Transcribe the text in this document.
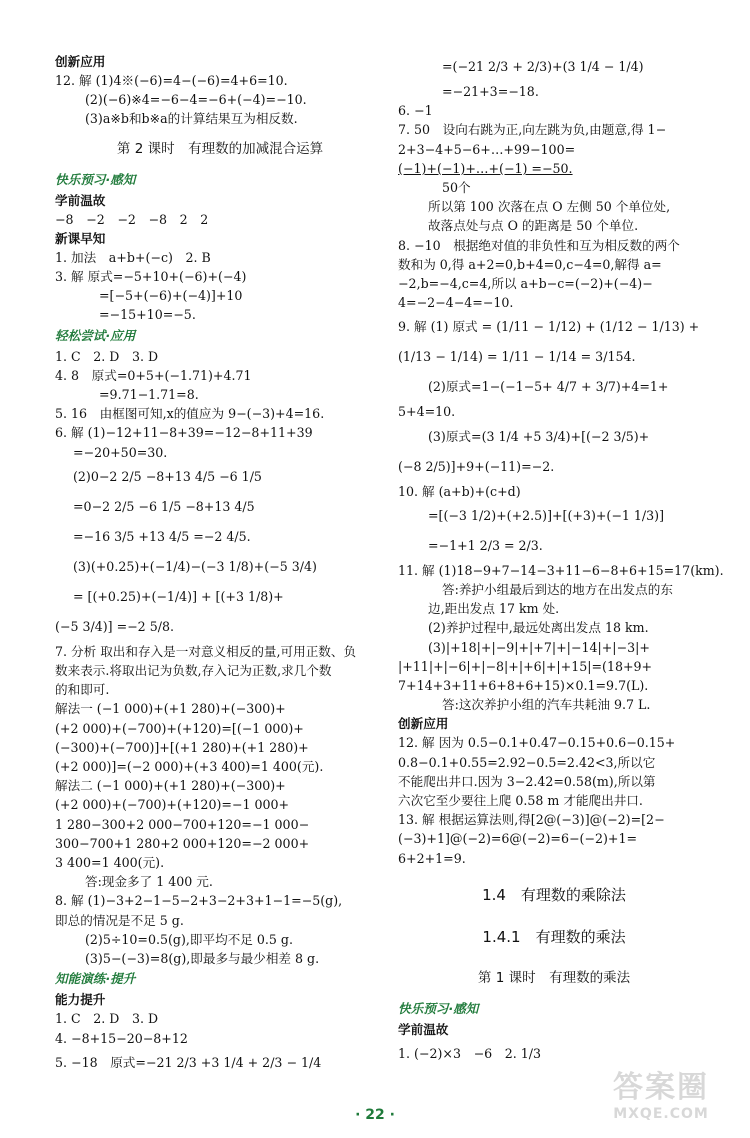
创新应用
12. 解 (1)4※(−6)=4−(−6)=4+6=10.
(2)(−6)※4=−6−4=−6+(−4)=−10.
(3)a※b和b※a的计算结果互为相反数.
第 2 课时　有理数的加减混合运算
快乐预习·感知
学前温故
−8　−2　−2　−8　2　2
新课早知
1. 加法　a+b+(−c)　2. B
3. 解 原式=−5+10+(−6)+(−4)
=[−5+(−6)+(−4)]+10
=−15+10=−5.
轻松尝试·应用
1. C　2. D　3. D
4. 8　原式=0+5+(−1.71)+4.71
=9.71−1.71=8.
5. 16　由框图可知,x的值应为 9−(−3)+4=16.
6. 解 (1)−12+11−8+39=−12−8+11+39
=−20+50=30.
(2)0−2 2/5 −8+13 4/5 −6 1/5
=0−2 2/5 −6 1/5 −8+13 4/5
=−16 3/5 +13 4/5 =−2 4/5.
(3)(+0.25)+(−1/4)−(−3 1/8)+(−5 3/4)
= [(+0.25)+(−1/4)] + [(+3 1/8)+
(−5 3/4)] =−2 5/8.
7. 分析 取出和存入是一对意义相反的量,可用正数、负
数来表示.将取出记为负数,存入记为正数,求几个数
的和即可.
解法一 (−1 000)+(+1 280)+(−300)+
(+2 000)+(−700)+(+120)=[(−1 000)+
(−300)+(−700)]+[(+1 280)+(+1 280)+
(+2 000)]=(−2 000)+(+3 400)=1 400(元).
解法二 (−1 000)+(+1 280)+(−300)+
(+2 000)+(−700)+(+120)=−1 000+
1 280−300+2 000−700+120=−1 000−
300−700+1 280+2 000+120=−2 000+
3 400=1 400(元).
答:现金多了 1 400 元.
8. 解 (1)−3+2−1−5−2+3−2+3+1−1=−5(g),
即总的情况是不足 5 g.
(2)5÷10=0.5(g),即平均不足 0.5 g.
(3)5−(−3)=8(g),即最多与最少相差 8 g.
知能演练·提升
能力提升
1. C　2. D　3. D
4. −8+15−20−8+12
5. −18　原式=−21 2/3 +3 1/4 + 2/3 − 1/4
=(−21 2/3 + 2/3)+(3 1/4 − 1/4)
=−21+3=−18.
6. −1
7. 50　设向右跳为正,向左跳为负,由题意,得 1−
2+3−4+5−6+…+99−100=
(−1)+(−1)+…+(−1) =−50.
50个
所以第 100 次落在点 O 左侧 50 个单位处,
故落点处与点 O 的距离是 50 个单位.
8. −10　根据绝对值的非负性和互为相反数的两个
数和为 0,得 a+2=0,b+4=0,c−4=0,解得 a=
−2,b=−4,c=4,所以 a+b−c=(−2)+(−4)−
4=−2−4−4=−10.
9. 解 (1) 原式 = (1/11 − 1/12) + (1/12 − 1/13) +
(1/13 − 1/14) = 1/11 − 1/14 = 3/154.
(2)原式=1−(−1−5+ 4/7 + 3/7)+4=1+
5+4=10.
(3)原式=(3 1/4 +5 3/4)+[(−2 3/5)+
(−8 2/5)]+9+(−11)=−2.
10. 解 (a+b)+(c+d)
=[(−3 1/2)+(+2.5)]+[(+3)+(−1 1/3)]
=−1+1 2/3 = 2/3.
11. 解 (1)18−9+7−14−3+11−6−8+6+15=17(km).
答:养护小组最后到达的地方在出发点的东
边,距出发点 17 km 处.
(2)养护过程中,最远处离出发点 18 km.
(3)|+18|+|−9|+|+7|+|−14|+|−3|+
|+11|+|−6|+|−8|+|+6|+|+15|=(18+9+
7+14+3+11+6+8+6+15)×0.1=9.7(L).
答:这次养护小组的汽车共耗油 9.7 L.
创新应用
12. 解 因为 0.5−0.1+0.47−0.15+0.6−0.15+
0.8−0.1+0.55=2.92−0.5=2.42<3,所以它
不能爬出井口.因为 3−2.42=0.58(m),所以第
六次它至少要往上爬 0.58 m 才能爬出井口.
13. 解 根据运算法则,得[2@(−3)]@(−2)=[2−
(−3)+1]@(−2)=6@(−2)=6−(−2)+1=
6+2+1=9.
1.4　有理数的乘除法
1.4.1　有理数的乘法
第 1 课时　有理数的乘法
快乐预习·感知
学前温故
1. (−2)×3　−6　2. 1/3
· 22 ·
答案圈
MXQE.COM
